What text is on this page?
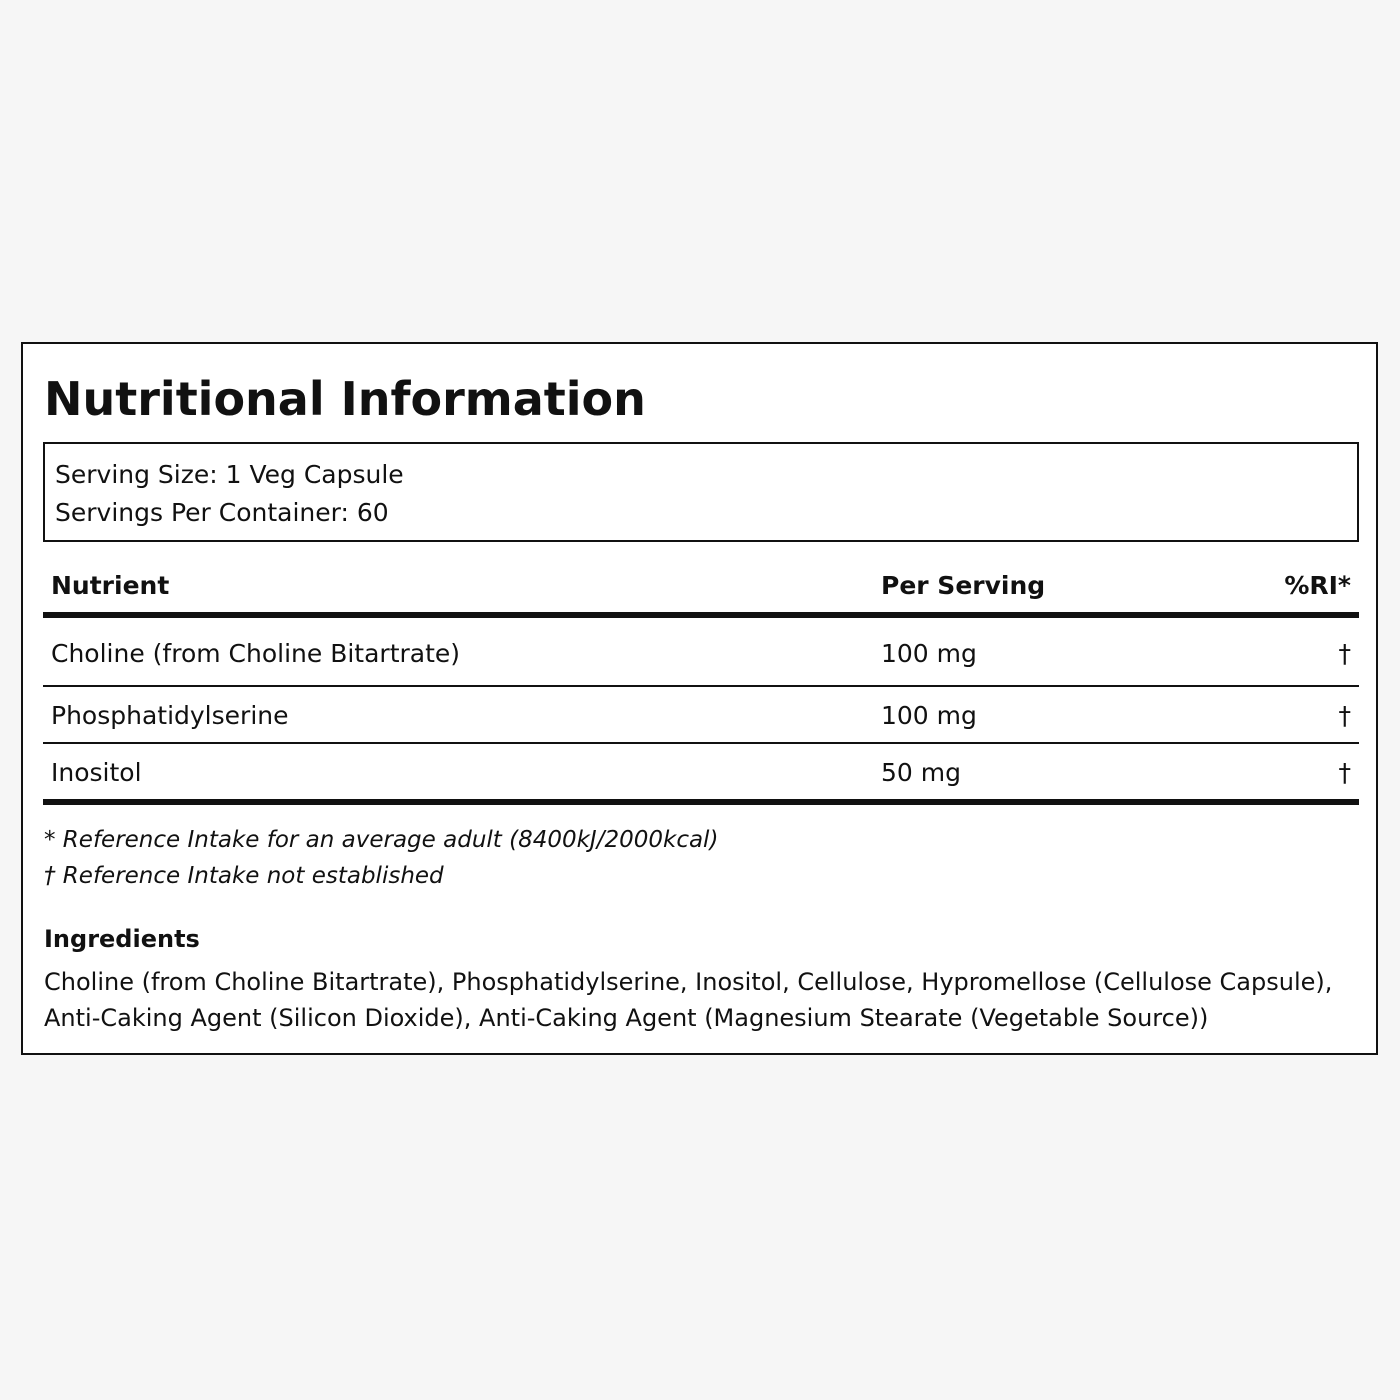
Nutritional Information
Serving Size: 1 Veg Capsule
Servings Per Container: 60
Nutrient	Per Serving	%RI*
Choline (from Choline Bitartrate)	100 mg	†
Phosphatidylserine	100 mg	†
Inositol	50 mg	†
* Reference Intake for an average adult (8400kJ/2000kcal)
† Reference Intake not established
Ingredients
Choline (from Choline Bitartrate), Phosphatidylserine, Inositol, Cellulose, Hypromellose (Cellulose Capsule),
Anti-Caking Agent (Silicon Dioxide), Anti-Caking Agent (Magnesium Stearate (Vegetable Source))
